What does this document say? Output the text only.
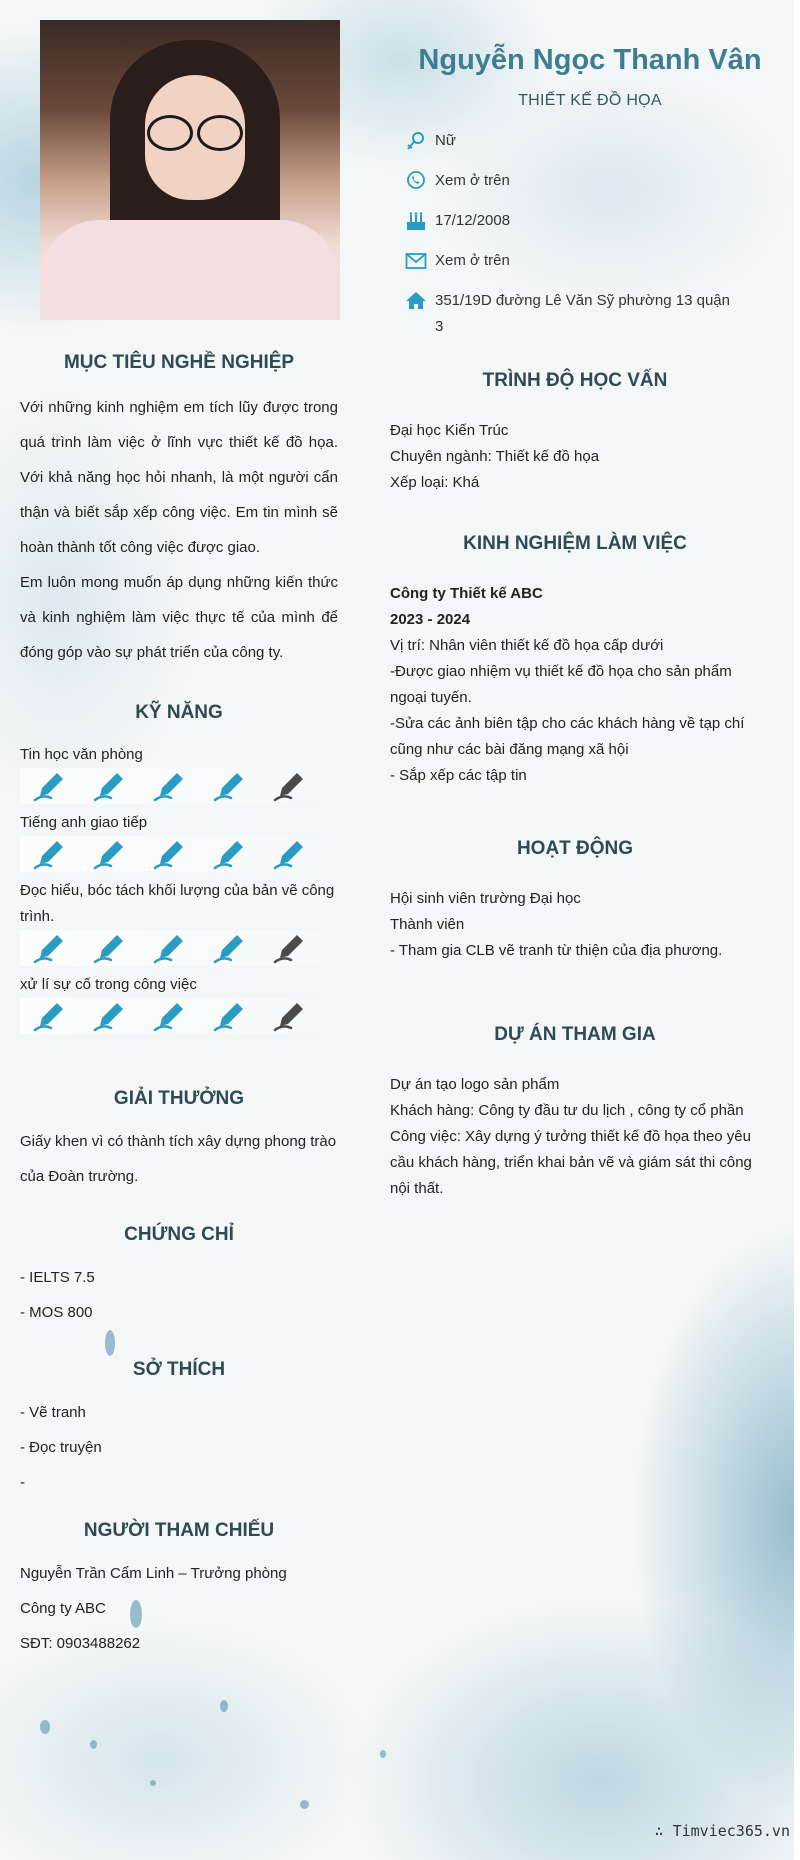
Nguyễn Ngọc Thanh Vân
THIẾT KẾ ĐỒ HỌA
Nữ
Xem ở trên
17/12/2008
Xem ở trên
351/19D đường Lê Văn Sỹ phường 13 quận 3
MỤC TIÊU NGHỀ NGHIỆP
Với những kinh nghiệm em tích lũy được trong quá trình làm việc ở lĩnh vực thiết kế đồ họa. Với khả năng học hỏi nhanh, là một người cẩn thận và biết sắp xếp công việc. Em tin mình sẽ hoàn thành tốt công việc được giao.
Em luôn mong muốn áp dụng những kiến thức và kinh nghiệm làm việc thực tế của mình để đóng góp vào sự phát triển của công ty.
KỸ NĂNG
Tin học văn phòng
Tiếng anh giao tiếp
Đọc hiểu, bóc tách khối lượng của bản vẽ công trình.
xử lí sự cố trong công việc
GIẢI THƯỞNG
Giấy khen vì có thành tích xây dựng phong trào của Đoàn trường.
CHỨNG CHỈ
- IELTS 7.5
- MOS 800
SỞ THÍCH
- Vẽ tranh
- Đọc truyện
-
NGƯỜI THAM CHIẾU
Nguyễn Trần Cẩm Linh – Trưởng phòng
Công ty ABC
SĐT: 0903488262
TRÌNH ĐỘ HỌC VẤN
Đại học Kiến Trúc
Chuyên ngành: Thiết kế đồ họa
Xếp loại: Khá
KINH NGHIỆM LÀM VIỆC
Công ty Thiết kế ABC
2023 - 2024
Vị trí: Nhân viên thiết kế đồ họa cấp dưới
-Được giao nhiệm vụ thiết kế đồ họa cho sản phẩm ngoại tuyến.
-Sửa các ảnh biên tập cho các khách hàng về tạp chí cũng như các bài đăng mạng xã hội
- Sắp xếp các tập tin
HOẠT ĐỘNG
Hội sinh viên trường Đại học
Thành viên
- Tham gia CLB vẽ tranh từ thiện của địa phương.
DỰ ÁN THAM GIA
Dự án tạo logo sản phẩm
Khách hàng: Công ty đầu tư du lịch , công ty cổ phần
Công việc: Xây dựng ý tưởng thiết kế đồ họa theo yêu cầu khách hàng, triển khai bản vẽ và giám sát thi công nội thất.
∴ Timviec365.vn
